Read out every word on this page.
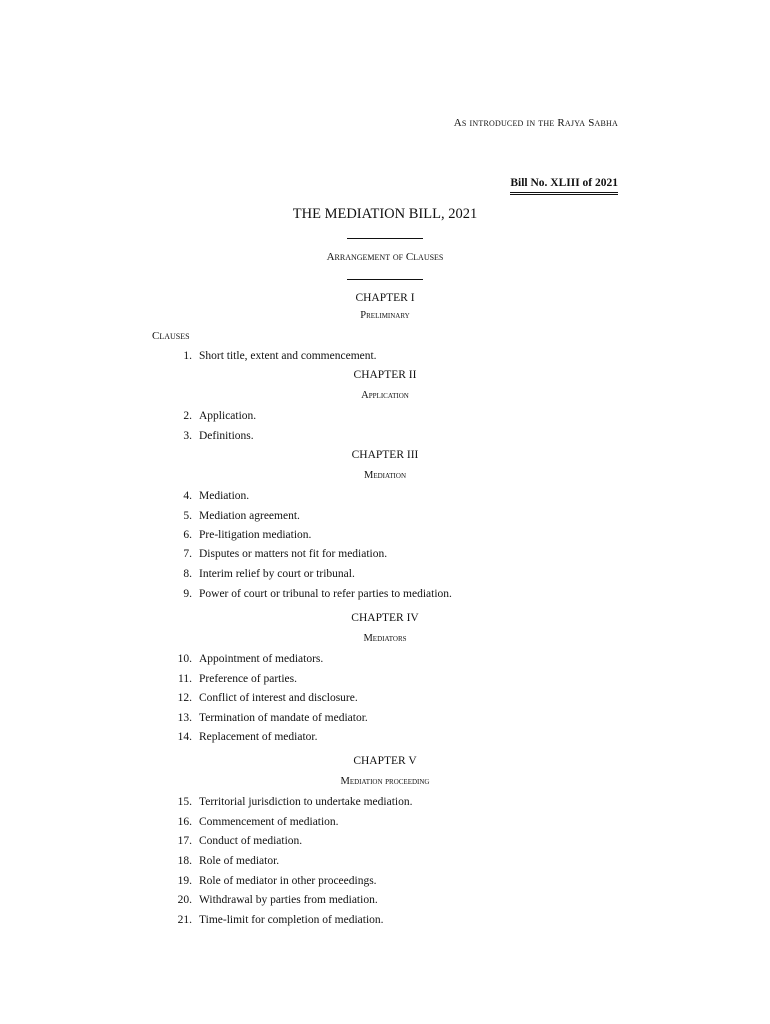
As introduced in the Rajya Sabha
Bill No. XLIII of 2021
THE MEDIATION BILL, 2021
Arrangement of Clauses
CHAPTER I
Preliminary
Clauses
1. Short title, extent and commencement.
CHAPTER II
Application
2. Application.
3. Definitions.
CHAPTER III
Mediation
4. Mediation.
5. Mediation agreement.
6. Pre-litigation mediation.
7. Disputes or matters not fit for mediation.
8. Interim relief by court or tribunal.
9. Power of court or tribunal to refer parties to mediation.
CHAPTER IV
Mediators
10. Appointment of mediators.
11. Preference of parties.
12. Conflict of interest and disclosure.
13. Termination of mandate of mediator.
14. Replacement of mediator.
CHAPTER V
Mediation proceeding
15. Territorial jurisdiction to undertake mediation.
16. Commencement of mediation.
17. Conduct of mediation.
18. Role of mediator.
19. Role of mediator in other proceedings.
20. Withdrawal by parties from mediation.
21. Time-limit for completion of mediation.
